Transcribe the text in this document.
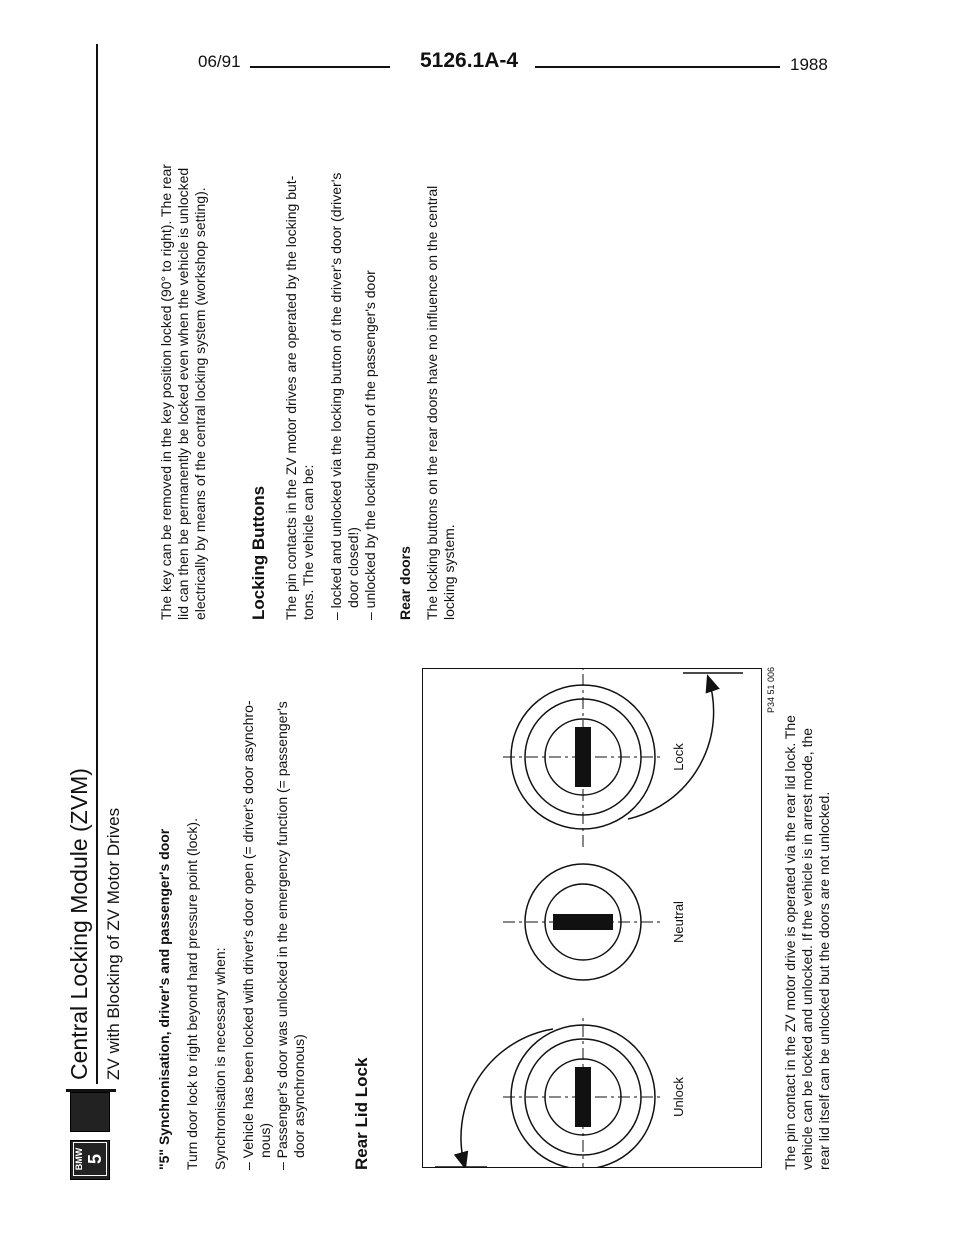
06/91	5126.1A-4	1988
BMW 5
Central Locking Module (ZVM) ZV with Blocking of ZV Motor Drives "5" Synchronisation, driver's and passenger's door Turn door lock to right beyond hard pressure point (lock). Synchronisation is necessary when: – Vehicle has been locked with driver's door open (= driver's door asynchro- nous) – Passenger's door was unlocked in the emergency function (= passenger's door asynchronous)	Rear Lid Lock	Unlock
Neutral
Lock
P34 51 006
The pin contact in the ZV motor drive is operated via the rear lid lock. The vehicle can be locked and unlocked. If the vehicle is in arrest mode, the rear lid itself can be unlocked but the doors are not unlocked.
The key can be removed in the key position locked (90° to right). The rear lid can then be permanently be locked even when the vehicle is unlocked electrically by means of the central locking system (workshop setting). Locking Buttons The pin contacts in the ZV motor drives are operated by the locking but- tons. The vehicle can be: – locked and unlocked via the locking button of the driver's door (driver's door closed!) – unlocked by the locking button of the passenger's door Rear doors The locking buttons on the rear doors have no influence on the central locking system.
